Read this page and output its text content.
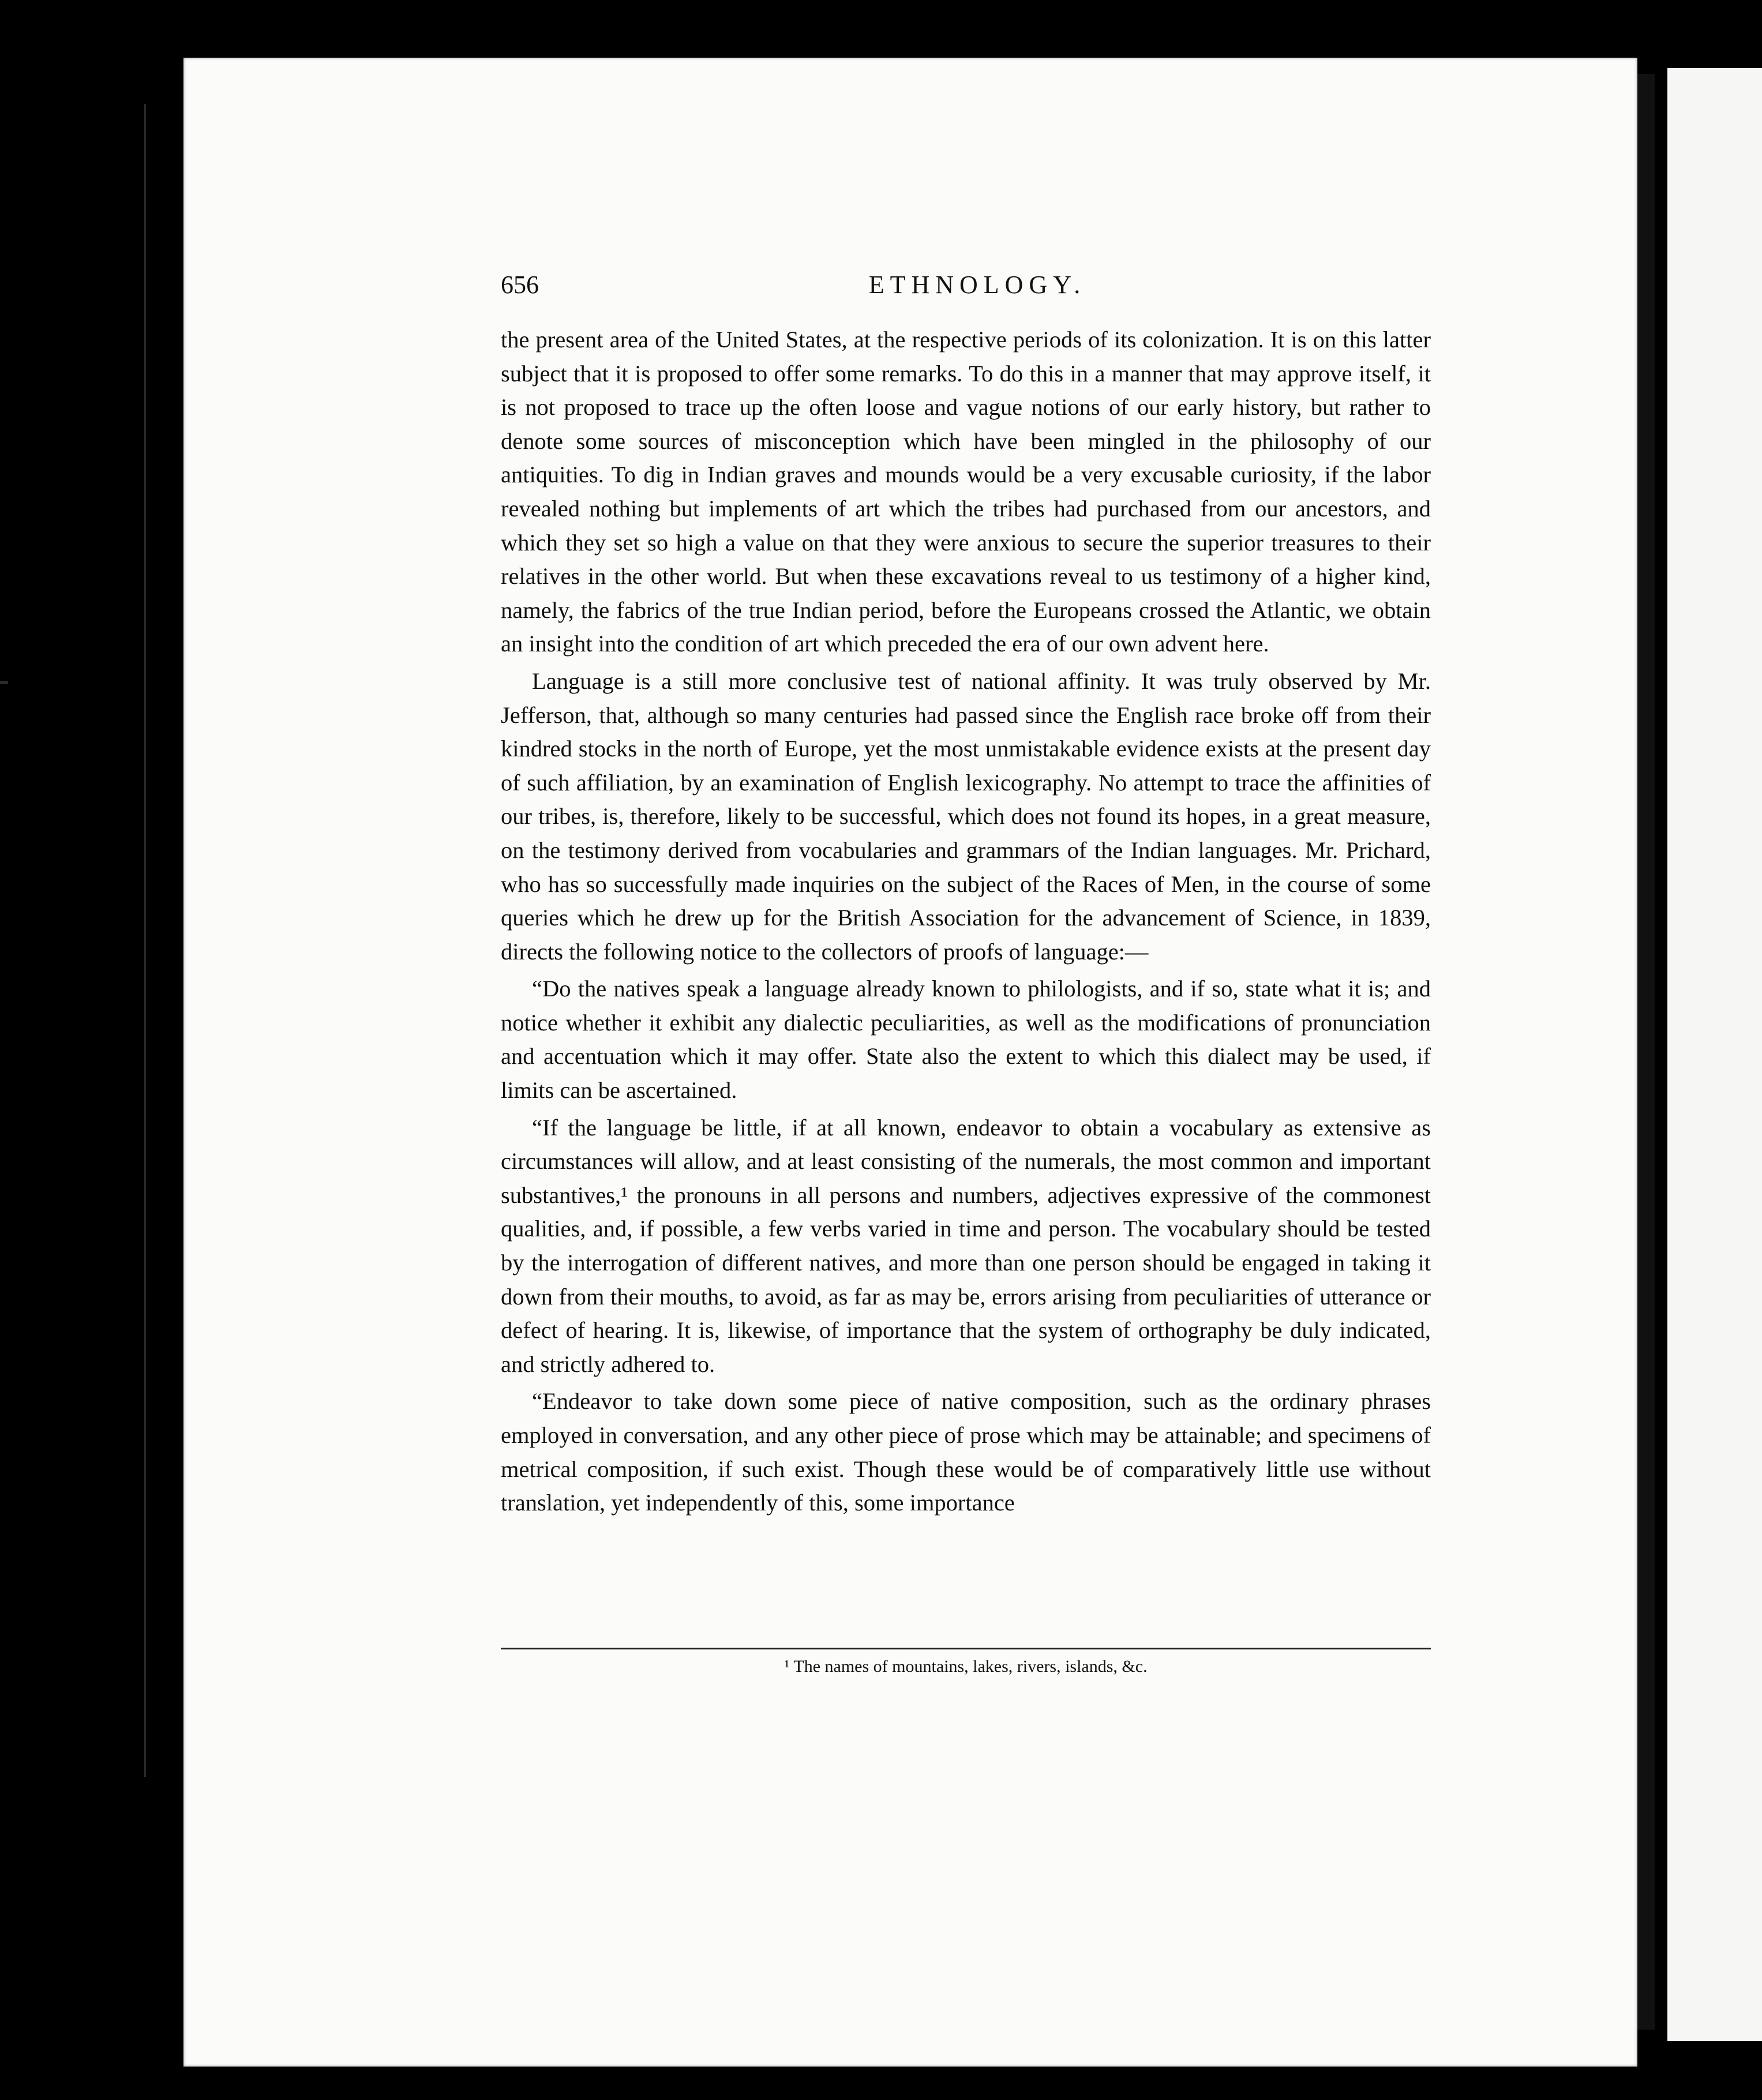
656	ETHNOLOGY.

the present area of the United States, at the respective periods of its colonization. It is on this latter subject that it is proposed to offer some remarks. To do this in a manner that may approve itself, it is not proposed to trace up the often loose and vague notions of our early history, but rather to denote some sources of misconception which have been mingled in the philosophy of our antiquities. To dig in Indian graves and mounds would be a very excusable curiosity, if the labor revealed nothing but implements of art which the tribes had purchased from our ancestors, and which they set so high a value on that they were anxious to secure the superior treasures to their relatives in the other world. But when these excavations reveal to us testimony of a higher kind, namely, the fabrics of the true Indian period, before the Europeans crossed the Atlantic, we obtain an insight into the condition of art which preceded the era of our own advent here.

Language is a still more conclusive test of national affinity. It was truly observed by Mr. Jefferson, that, although so many centuries had passed since the English race broke off from their kindred stocks in the north of Europe, yet the most unmistakable evidence exists at the present day of such affiliation, by an examination of English lexicography. No attempt to trace the affinities of our tribes, is, therefore, likely to be successful, which does not found its hopes, in a great measure, on the testimony derived from vocabularies and grammars of the Indian languages. Mr. Prichard, who has so successfully made inquiries on the subject of the Races of Men, in the course of some queries which he drew up for the British Association for the advancement of Science, in 1839, directs the following notice to the collectors of proofs of language:—

“Do the natives speak a language already known to philologists, and if so, state what it is; and notice whether it exhibit any dialectic peculiarities, as well as the modifications of pronunciation and accentuation which it may offer. State also the extent to which this dialect may be used, if limits can be ascertained.

“If the language be little, if at all known, endeavor to obtain a vocabulary as extensive as circumstances will allow, and at least consisting of the numerals, the most common and important substantives,¹ the pronouns in all persons and numbers, adjectives expressive of the commonest qualities, and, if possible, a few verbs varied in time and person. The vocabulary should be tested by the interrogation of different natives, and more than one person should be engaged in taking it down from their mouths, to avoid, as far as may be, errors arising from peculiarities of utterance or defect of hearing. It is, likewise, of importance that the system of orthography be duly indicated, and strictly adhered to.

“Endeavor to take down some piece of native composition, such as the ordinary phrases employed in conversation, and any other piece of prose which may be attainable; and specimens of metrical composition, if such exist. Though these would be of comparatively little use without translation, yet independently of this, some importance

¹ The names of mountains, lakes, rivers, islands, &c.
